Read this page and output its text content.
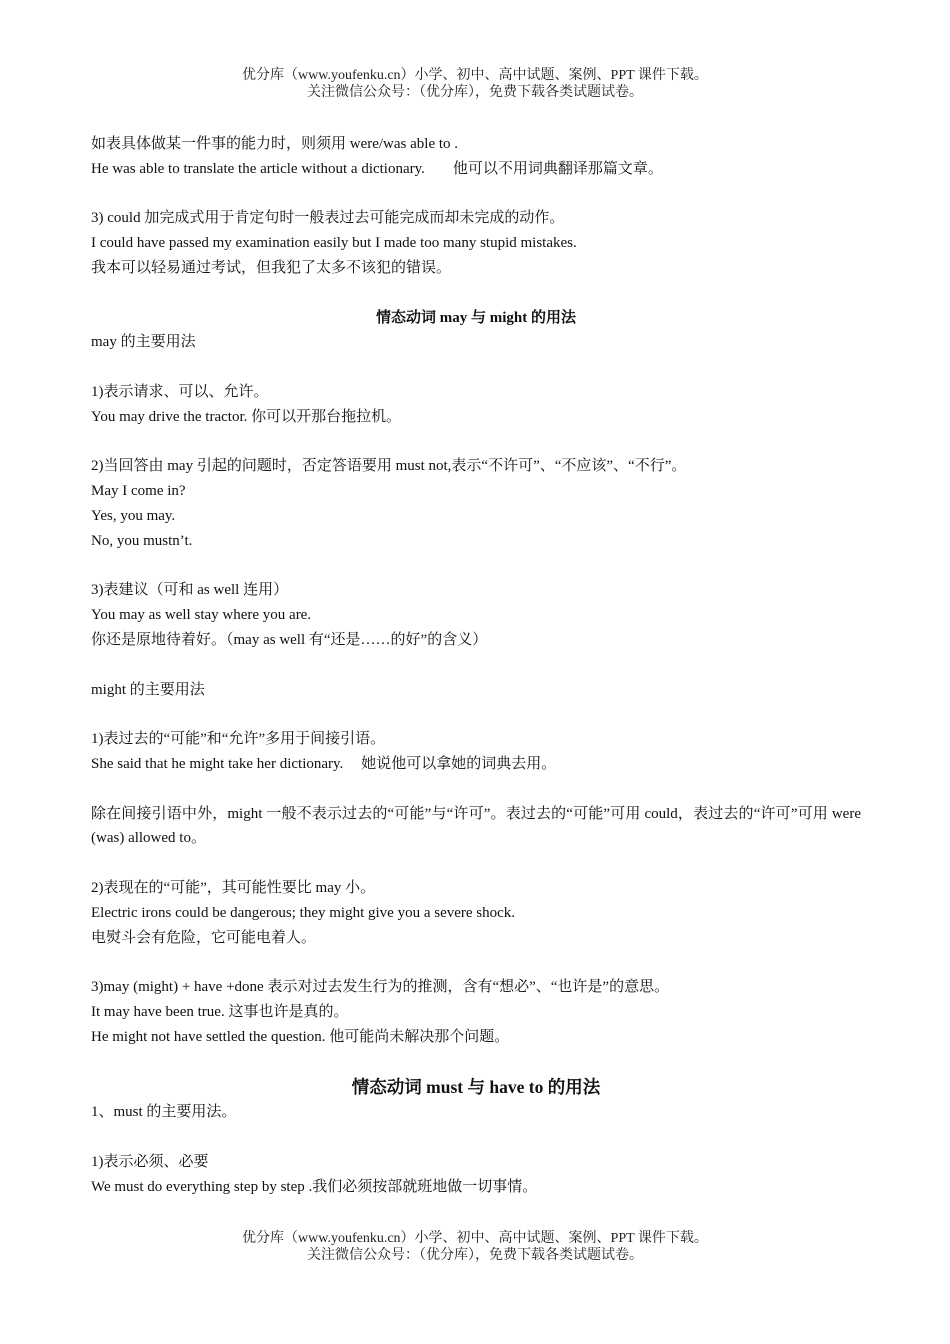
优分库（www.youfenku.cn）小学、初中、高中试题、案例、PPT 课件下载。
关注微信公众号：（优分库），免费下载各类试题试卷。
如表具体做某一件事的能力时，则须用 were/was able to .
He was able to translate the article without a dictionary. 他可以不用词典翻译那篇文章。
3) could 加完成式用于肯定句时一般表过去可能完成而却未完成的动作。
I could have passed my examination easily but I made too many stupid mistakes.
我本可以轻易通过考试，但我犯了太多不该犯的错误。
情态动词 may 与 might 的用法
may 的主要用法
1)表示请求、可以、允许。
You may drive the tractor. 你可以开那台拖拉机。
2)当回答由 may 引起的问题时，否定答语要用 must not,表示“不许可”、“不应该”、“不行”。
May I come in?
Yes, you may.
No, you mustn’t.
3)表建议（可和 as well 连用）
You may as well stay where you are.
你还是原地待着好。（may as well 有“还是……的好”的含义）
might 的主要用法
1)表过去的“可能”和“允许”多用于间接引语。
She said that he might take her dictionary. 她说他可以拿她的词典去用。
除在间接引语中外，might 一般不表示过去的“可能”与“许可”。表过去的“可能”可用 could，表过去的“许可”可用 were (was) allowed to。
2)表现在的“可能”，其可能性要比 may 小。
Electric irons could be dangerous; they might give you a severe shock.
电熨斗会有危险，它可能电着人。
3)may (might) + have +done 表示对过去发生行为的推测，含有“想必”、“也许是”的意思。
It may have been true. 这事也许是真的。
He might not have settled the question. 他可能尚未解决那个问题。
情态动词 must 与 have to 的用法
1、must 的主要用法。
1)表示必须、必要
We must do everything step by step .我们必须按部就班地做一切事情。
优分库（www.youfenku.cn）小学、初中、高中试题、案例、PPT 课件下载。
关注微信公众号：（优分库），免费下载各类试题试卷。
